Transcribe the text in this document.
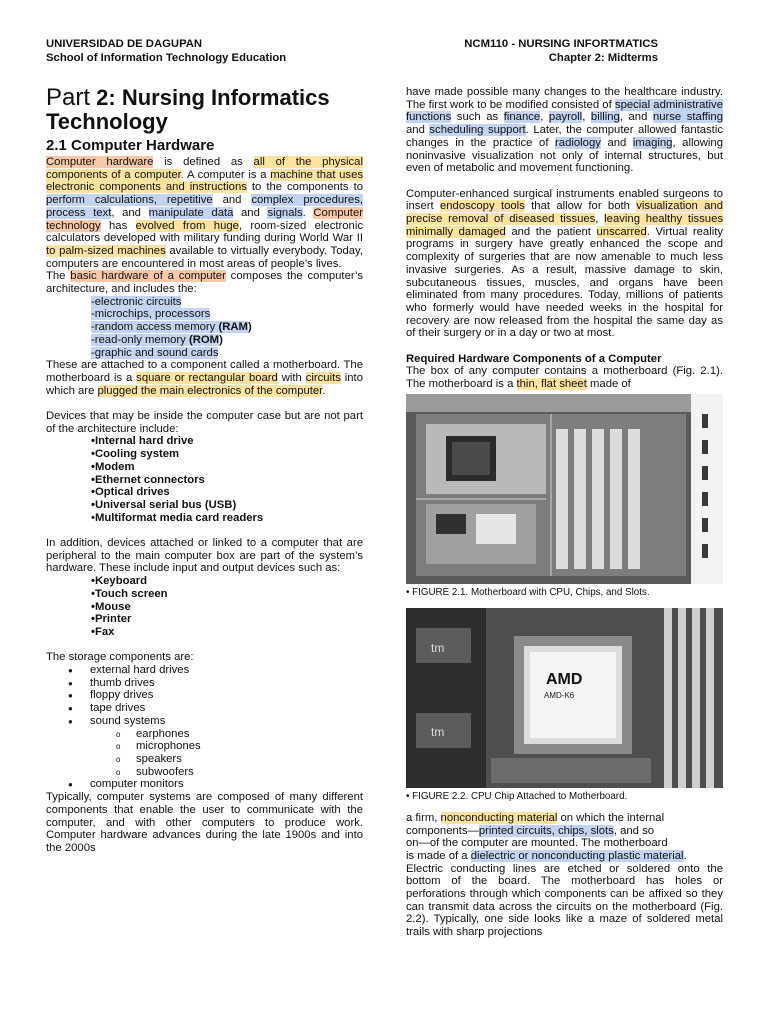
UNIVERSIDAD DE DAGUPAN
School of Information Technology Education
NCM110 - NURSING INFORTMATICS
Chapter 2: Midterms
Part 2: Nursing Informatics
Technology
2.1 Computer Hardware

Computer hardware is defined as all of the physical components of a computer. A computer is a machine that uses electronic components and instructions to the components to perform calculations, repetitive and complex procedures, process text, and manipulate data and signals. Computer technology has evolved from huge, room-sized electronic calculators developed with military funding during World War II to palm-sized machines available to virtually everybody. Today, computers are encountered in most areas of people’s lives.

The basic hardware of a computer composes the computer’s architecture, and includes the:

-electronic circuits
-microchips, processors
-random access memory (RAM)
-read-only memory (ROM)
-graphic and sound cards

These are attached to a component called a motherboard. The motherboard is a square or rectangular board with circuits into which are plugged the main electronics of the computer.

Devices that may be inside the computer case but are not part of the architecture include:

• Internal hard drive
• Cooling system
• Modem
• Ethernet connectors
• Optical drives
• Universal serial bus (USB)
• Multiformat media card readers

In addition, devices attached or linked to a computer that are peripheral to the main computer box are part of the system’s hardware. These include input and output devices such as:

• Keyboard
• Touch screen
• Mouse
• Printer
• Fax

The storage components are:

● external hard drives
● thumb drives
● floppy drives
● tape drives
● sound systems
o earphones
o microphones
o speakers
o subwoofers
● computer monitors

Typically, computer systems are composed of many different components that enable the user to communicate with the computer, and with other computers to produce work. Computer hardware advances during the late 1900s and into the 2000s

have made possible many changes to the healthcare industry. The first work to be modified consisted of special administrative functions such as finance, payroll, billing, and nurse staffing and scheduling support. Later, the computer allowed fantastic changes in the practice of radiology and imaging, allowing noninvasive visualization not only of internal structures, but even of metabolic and movement functioning.

Computer-enhanced surgical instruments enabled surgeons to insert endoscopy tools that allow for both visualization and precise removal of diseased tissues, leaving healthy tissues minimally damaged and the patient unscarred. Virtual reality programs in surgery have greatly enhanced the scope and complexity of surgeries that are now amenable to much less invasive surgeries. As a result, massive damage to skin, subcutaneous tissues, muscles, and organs have been eliminated from many procedures. Today, millions of patients who formerly would have needed weeks in the hospital for recovery are now released from the hospital the same day as of their surgery or in a day or two at most.

Required Hardware Components of a Computer

The box of any computer contains a motherboard (Fig. 2.1). The motherboard is a thin, flat sheet made of

• FIGURE 2.1. Motherboard with CPU, Chips, and Slots.
tm
tm
AMD
AMD-K6
• FIGURE 2.2. CPU Chip Attached to Motherboard.
a firm, nonconducting material on which the internal
components—printed circuits, chips, slots, and so
on—of the computer are mounted. The motherboard
is made of a dielectric or nonconducting plastic material.

Electric conducting lines are etched or soldered onto the bottom of the board. The motherboard has holes or perforations through which components can be affixed so they can transmit data across the circuits on the motherboard (Fig. 2.2). Typically, one side looks like a maze of soldered metal trails with sharp projections
